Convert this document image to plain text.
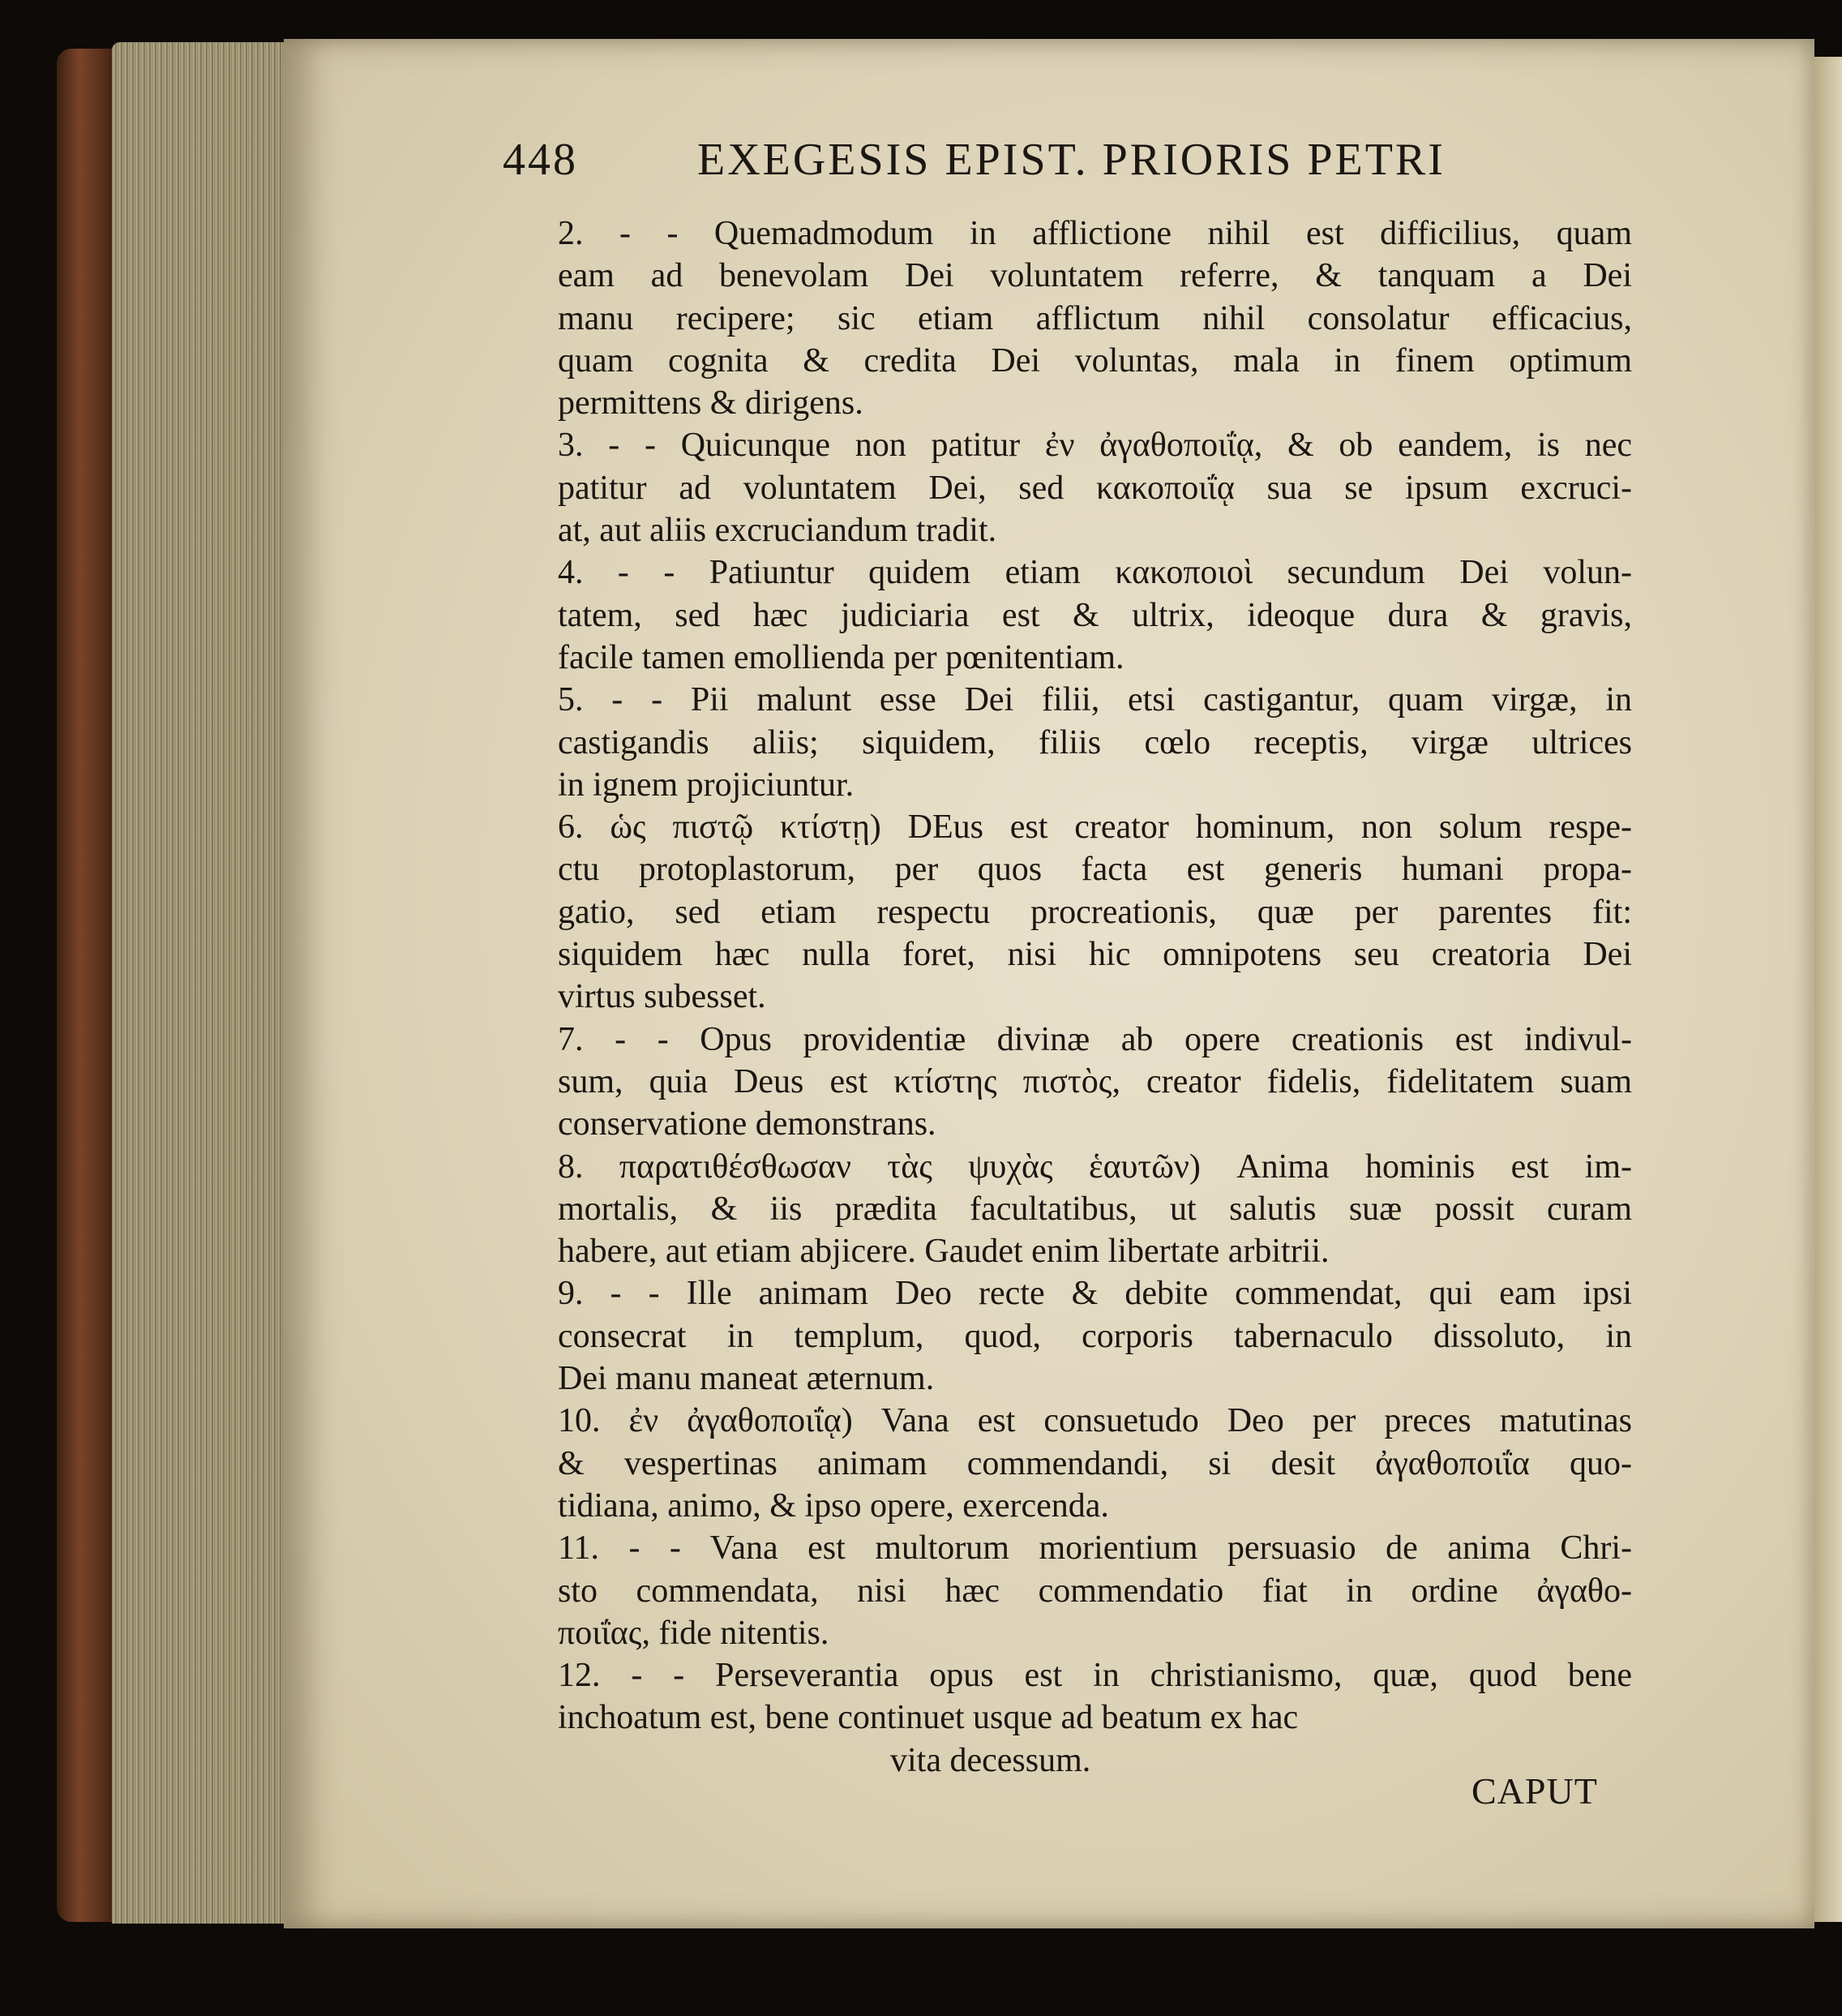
448	EXEGESIS EPIST. PRIORIS PETRI
2. - - Quemadmodum in afflictione nihil est difficilius, quam
eam ad benevolam Dei voluntatem referre, & tanquam a Dei
manu recipere; sic etiam afflictum nihil consolatur efficacius,
quam cognita & credita Dei voluntas, mala in finem optimum
permittens & dirigens.
3. - - Quicunque non patitur ἐν ἀγαθοποιΐᾳ, & ob eandem, is nec
patitur ad voluntatem Dei, sed κακοποιΐᾳ sua se ipsum excruci-
at, aut aliis excruciandum tradit.
4. - - Patiuntur quidem etiam κακοποιοὶ secundum Dei volun-
tatem, sed hæc judiciaria est & ultrix, ideoque dura & gravis,
facile tamen emollienda per pœnitentiam.
5. - - Pii malunt esse Dei filii, etsi castigantur, quam virgæ, in
castigandis aliis; siquidem, filiis cœlo receptis, virgæ ultrices
in ignem projiciuntur.
6. ὡς πιστῷ κτίστῃ) DEus est creator hominum, non solum respe-
ctu protoplastorum, per quos facta est generis humani propa-
gatio, sed etiam respectu procreationis, quæ per parentes fit:
siquidem hæc nulla foret, nisi hic omnipotens seu creatoria Dei
virtus subesset.
7. - - Opus providentiæ divinæ ab opere creationis est indivul-
sum, quia Deus est κτίστης πιστὸς, creator fidelis, fidelitatem suam
conservatione demonstrans.
8. παρατιθέσθωσαν τὰς ψυχὰς ἑαυτῶν) Anima hominis est im-
mortalis, & iis prædita facultatibus, ut salutis suæ possit curam
habere, aut etiam abjicere. Gaudet enim libertate arbitrii.
9. - - Ille animam Deo recte & debite commendat, qui eam ipsi
consecrat in templum, quod, corporis tabernaculo dissoluto, in
Dei manu maneat æternum.
10. ἐν ἀγαθοποιΐᾳ) Vana est consuetudo Deo per preces matutinas
& vespertinas animam commendandi, si desit ἀγαθοποιΐα quo-
tidiana, animo, & ipso opere, exercenda.
11. - - Vana est multorum morientium persuasio de anima Chri-
sto commendata, nisi hæc commendatio fiat in ordine ἀγαθο-
ποιΐας, fide nitentis.
12. - - Perseverantia opus est in christianismo, quæ, quod bene
inchoatum est, bene continuet usque ad beatum ex hac
vita decessum.
CAPUT
